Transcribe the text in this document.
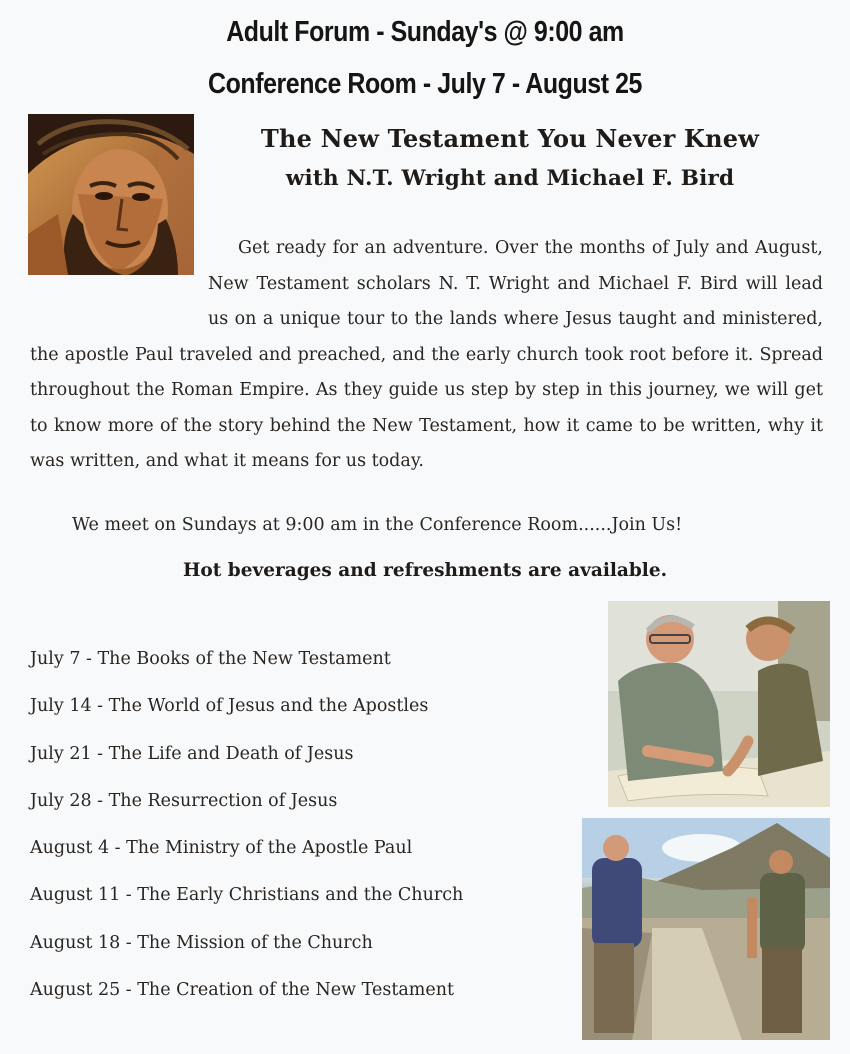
Adult Forum - Sunday's @ 9:00 am
Conference Room - July 7 - August 25
The New Testament You Never Knew
with N.T. Wright and Michael F. Bird
Get ready for an adventure. Over the months of July and August, New Testament scholars N. T. Wright and Michael F. Bird will lead us on a unique tour to the lands where Jesus taught and ministered, the apostle Paul traveled and preached, and the early church took root before it. Spread throughout the Roman Empire. As they guide us step by step in this journey, we will get to know more of the story behind the New Testament, how it came to be written, why it was written, and what it means for us today.
We meet on Sundays at 9:00 am in the Conference Room......Join Us!
Hot beverages and refreshments are available.
July 7 - The Books of the New Testament
July 14 - The World of Jesus and the Apostles
July 21 - The Life and Death of Jesus
July 28 - The Resurrection of Jesus
August 4 - The Ministry of the Apostle Paul
August 11 - The Early Christians and the Church
August 18 - The Mission of the Church
August 25 - The Creation of the New Testament
